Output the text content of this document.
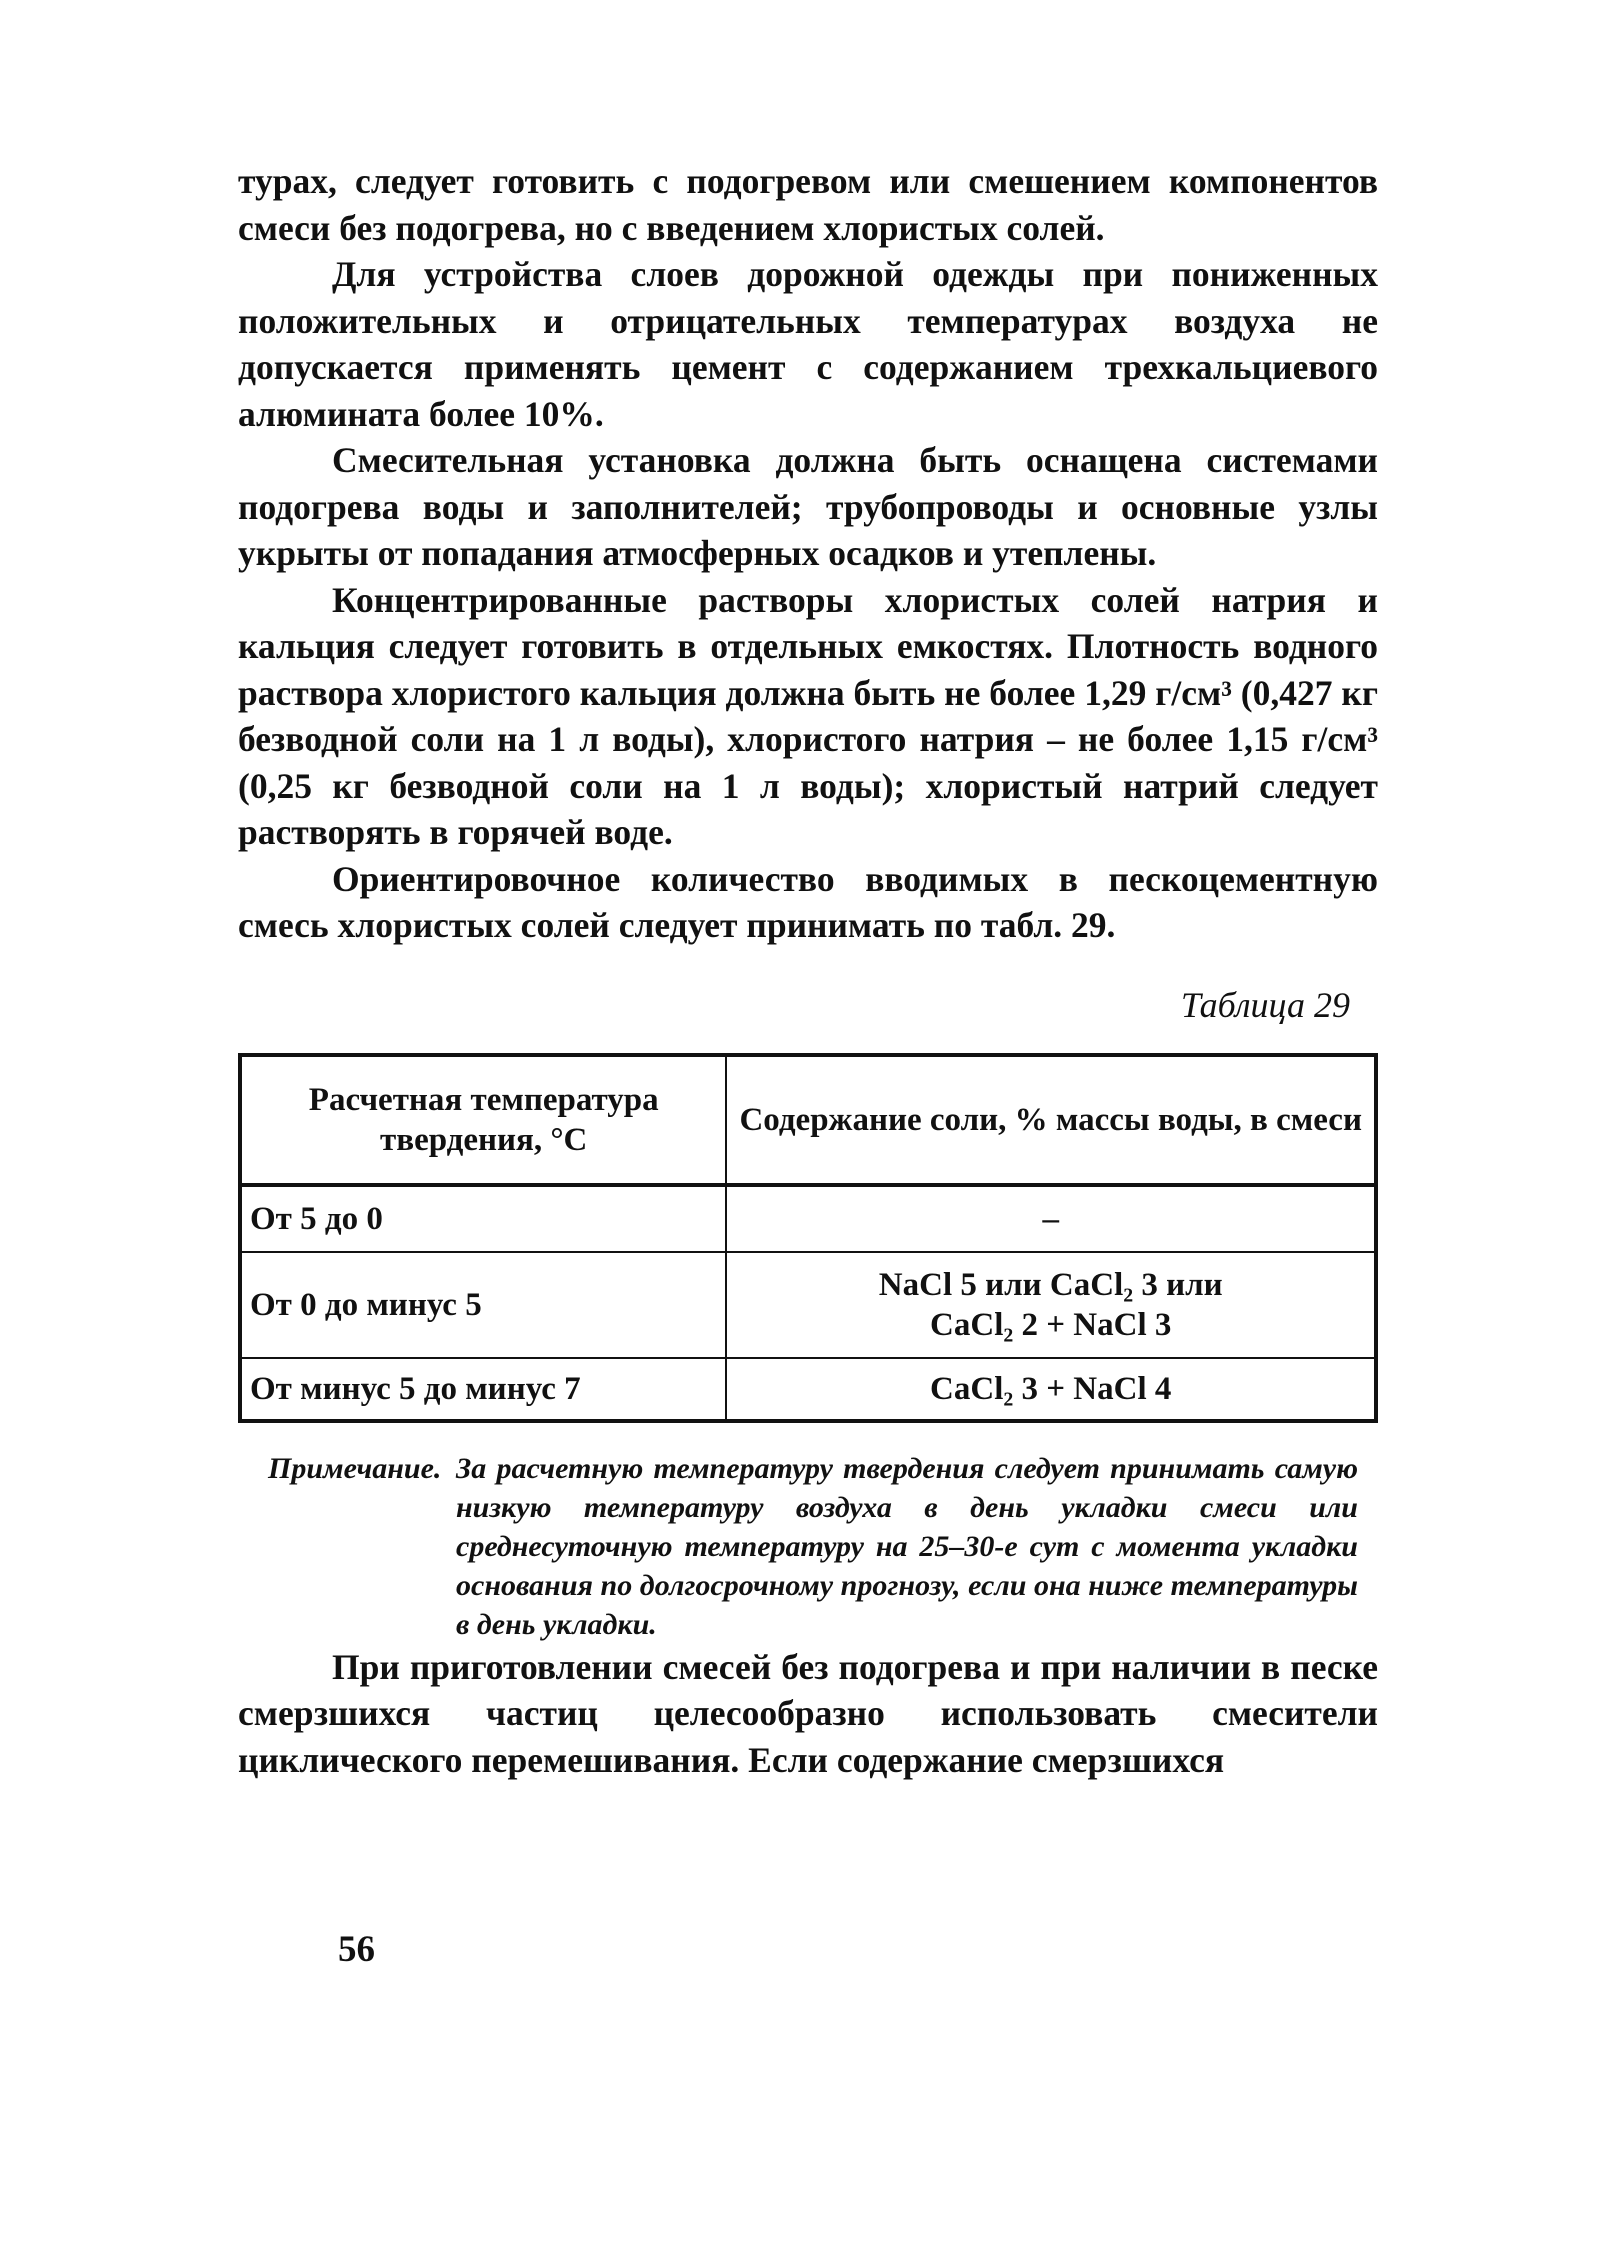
турах, следует готовить с подогревом или смешением компонентов смеси без подогрева, но с введением хлористых солей.

Для устройства слоев дорожной одежды при пониженных положительных и отрицательных температурах воздуха не допускается применять цемент с содержанием трехкальциевого алюмината более 10%.

Смесительная установка должна быть оснащена системами подогрева воды и заполнителей; трубопроводы и основные узлы укрыты от попадания атмосферных осадков и утеплены.

Концентрированные растворы хлористых солей натрия и кальция следует готовить в отдельных емкостях. Плотность водного раствора хлористого кальция должна быть не более 1,29 г/см³ (0,427 кг безводной соли на 1 л воды), хлористого натрия – не более 1,15 г/см³ (0,25 кг безводной соли на 1 л воды); хлористый натрий следует растворять в горячей воде.

Ориентировочное количество вводимых в пескоцементную смесь хлористых солей следует принимать по табл. 29.

Таблица 29
Расчетная температура твердения, °С	Содержание соли, % массы воды, в смеси
От 5 до 0	–

От 0 до минус 5	NaCl 5 или CaCl₂ 3 или
CaCl₂ 2 + NaCl 3

От минус 5 до минус 7	CaCl₂ 3 + NaCl 4
Примечание. За расчетную температуру твердения следует принимать самую низкую температуру воздуха в день укладки смеси или среднесуточную температуру на 25–30-е сут с момента укладки основания по долгосрочному прогнозу, если она ниже температуры в день укладки.

При приготовлении смесей без подогрева и при наличии в песке смерзшихся частиц целесообразно использовать смесители циклического перемешивания. Если содержание смерзшихся

56
